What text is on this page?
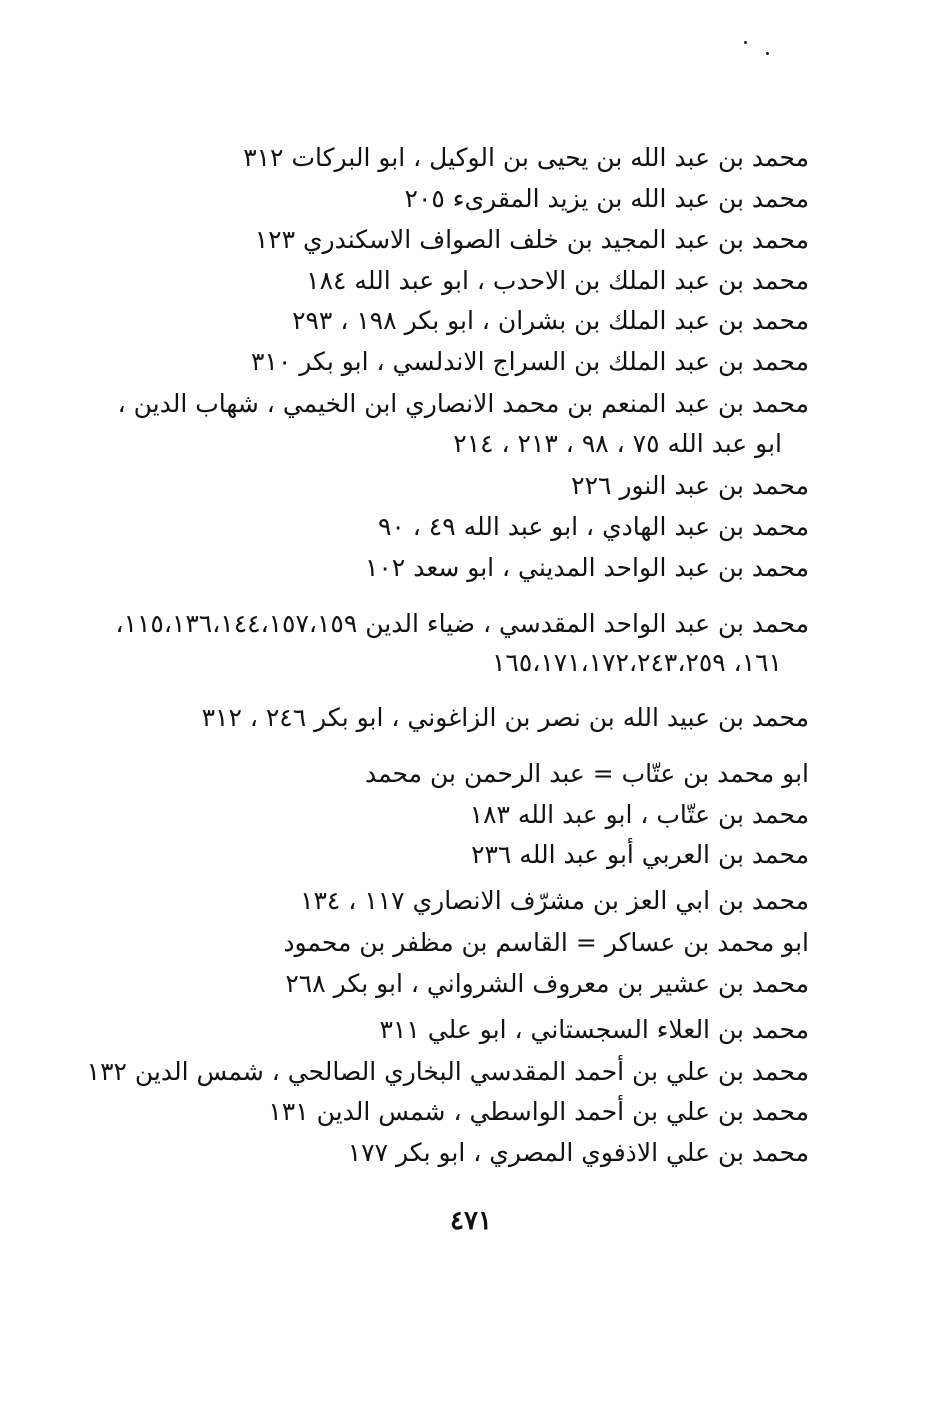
محمد بن عبد الله بن يحيى بن الوكيل ، ابو البركات ٣١٢
محمد بن عبد الله بن يزيد المقرىء ٢٠٥
محمد بن عبد المجيد بن خلف الصواف الاسكندري ١٢٣
محمد بن عبد الملك بن الاحدب ، ابو عبد الله ١٨٤
محمد بن عبد الملك بن بشران ، ابو بكر ١٩٨ ، ٢٩٣
محمد بن عبد الملك بن السراج الاندلسي ، ابو بكر ٣١٠
محمد بن عبد المنعم بن محمد الانصاري ابن الخيمي ، شهاب الدين ،
ابو عبد الله ٧٥ ، ٩٨ ، ٢١٣ ، ٢١٤
محمد بن عبد النور ٢٢٦
محمد بن عبد الهادي ، ابو عبد الله ٤٩ ، ٩٠
محمد بن عبد الواحد المديني ، ابو سعد ١٠٢
محمد بن عبد الواحد المقدسي ، ضياء الدين ١١٥،١٣٦،١٤٤،١٥٧،١٥٩،
١٦١، ١٦٥،١٧١،١٧٢،٢٤٣،٢٥٩
محمد بن عبيد الله بن نصر بن الزاغوني ، ابو بكر ٢٤٦ ، ٣١٢
ابو محمد بن عتّاب = عبد الرحمن بن محمد
محمد بن عتّاب ، ابو عبد الله ١٨٣
محمد بن العربي أبو عبد الله ٢٣٦
محمد بن ابي العز بن مشرّف الانصاري ١١٧ ، ١٣٤
ابو محمد بن عساكر = القاسم بن مظفر بن محمود
محمد بن عشير بن معروف الشرواني ، ابو بكر ٢٦٨
محمد بن العلاء السجستاني ، ابو علي ٣١١
محمد بن علي بن أحمد المقدسي البخاري الصالحي ، شمس الدين ١٣٢
محمد بن علي بن أحمد الواسطي ، شمس الدين ١٣١
محمد بن علي الاذفوي المصري ، ابو بكر ١٧٧
٤٧١
